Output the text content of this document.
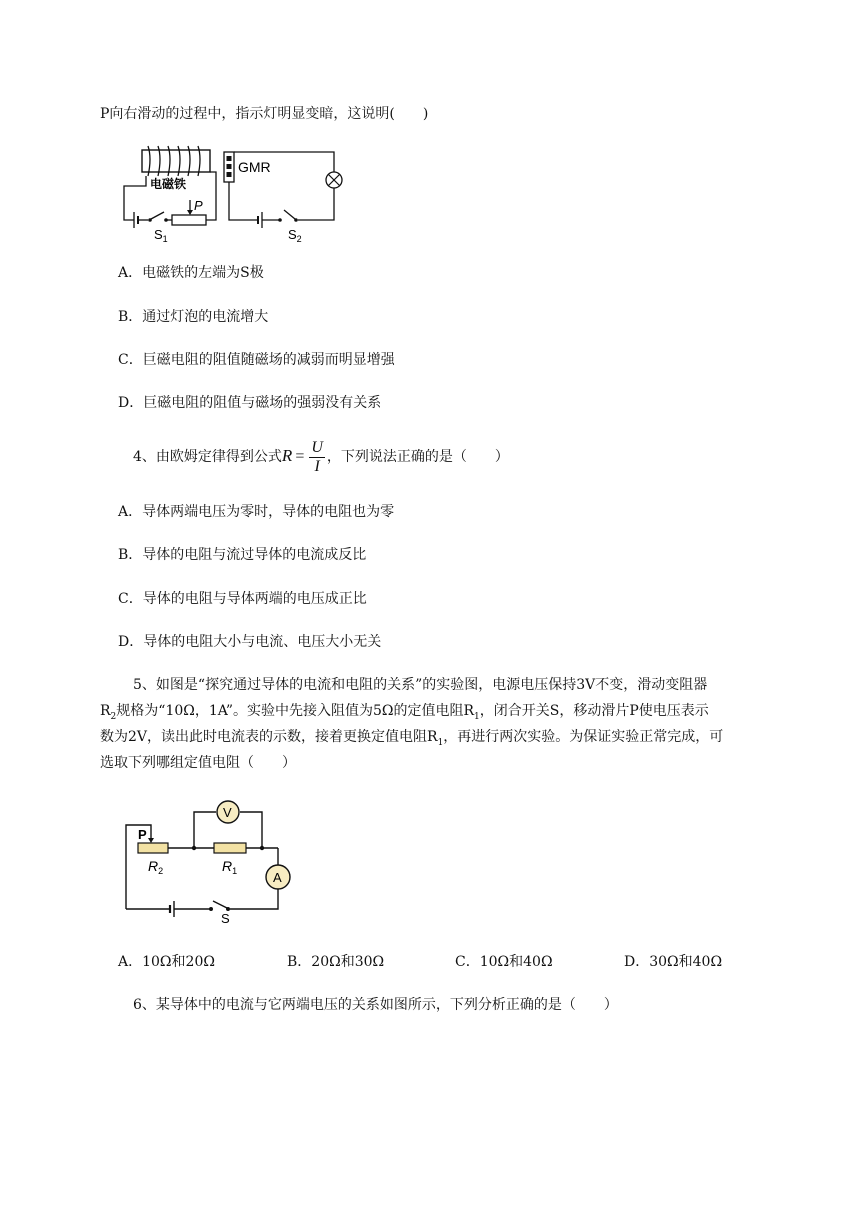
P向右滑动的过程中，指示灯明显变暗，这说明(　　)
电磁铁
P
$S_1$
GMR
$S_2$
A．电磁铁的左端为S极
B．通过灯泡的电流增大
C．巨磁电阻的阻值随磁场的减弱而明显增强
D．巨磁电阻的阻值与磁场的强弱没有关系
4、由欧姆定律得到公式$R = \frac{U}{I}$ ，下列说法正确的是（　　）
A．导体两端电压为零时，导体的电阻也为零
B．导体的电阻与流过导体的电流成反比
C．导体的电阻与导体两端的电压成正比
D．导体的电阻大小与电流、电压大小无关
5、如图是“探究通过导体的电流和电阻的关系”的实验图，电源电压保持3V不变，滑动变阻器
$R_2$规格为“10Ω，1A”。实验中先接入阻值为5Ω的定值电阻$R_1$，闭合开关S，移动滑片P使电压表示
数为2V，读出此时电流表的示数，接着更换定值电阻$R_1$，再进行两次实验。为保证实验正常完成，可
选取下列哪组定值电阻（　　）
V
P
$R_2$	$R_1$	A
S
A．10Ω和20Ω	B．20Ω和30Ω	C．10Ω和40Ω	D．30Ω和40Ω
6、某导体中的电流与它两端电压的关系如图所示，下列分析正确的是（　　）
